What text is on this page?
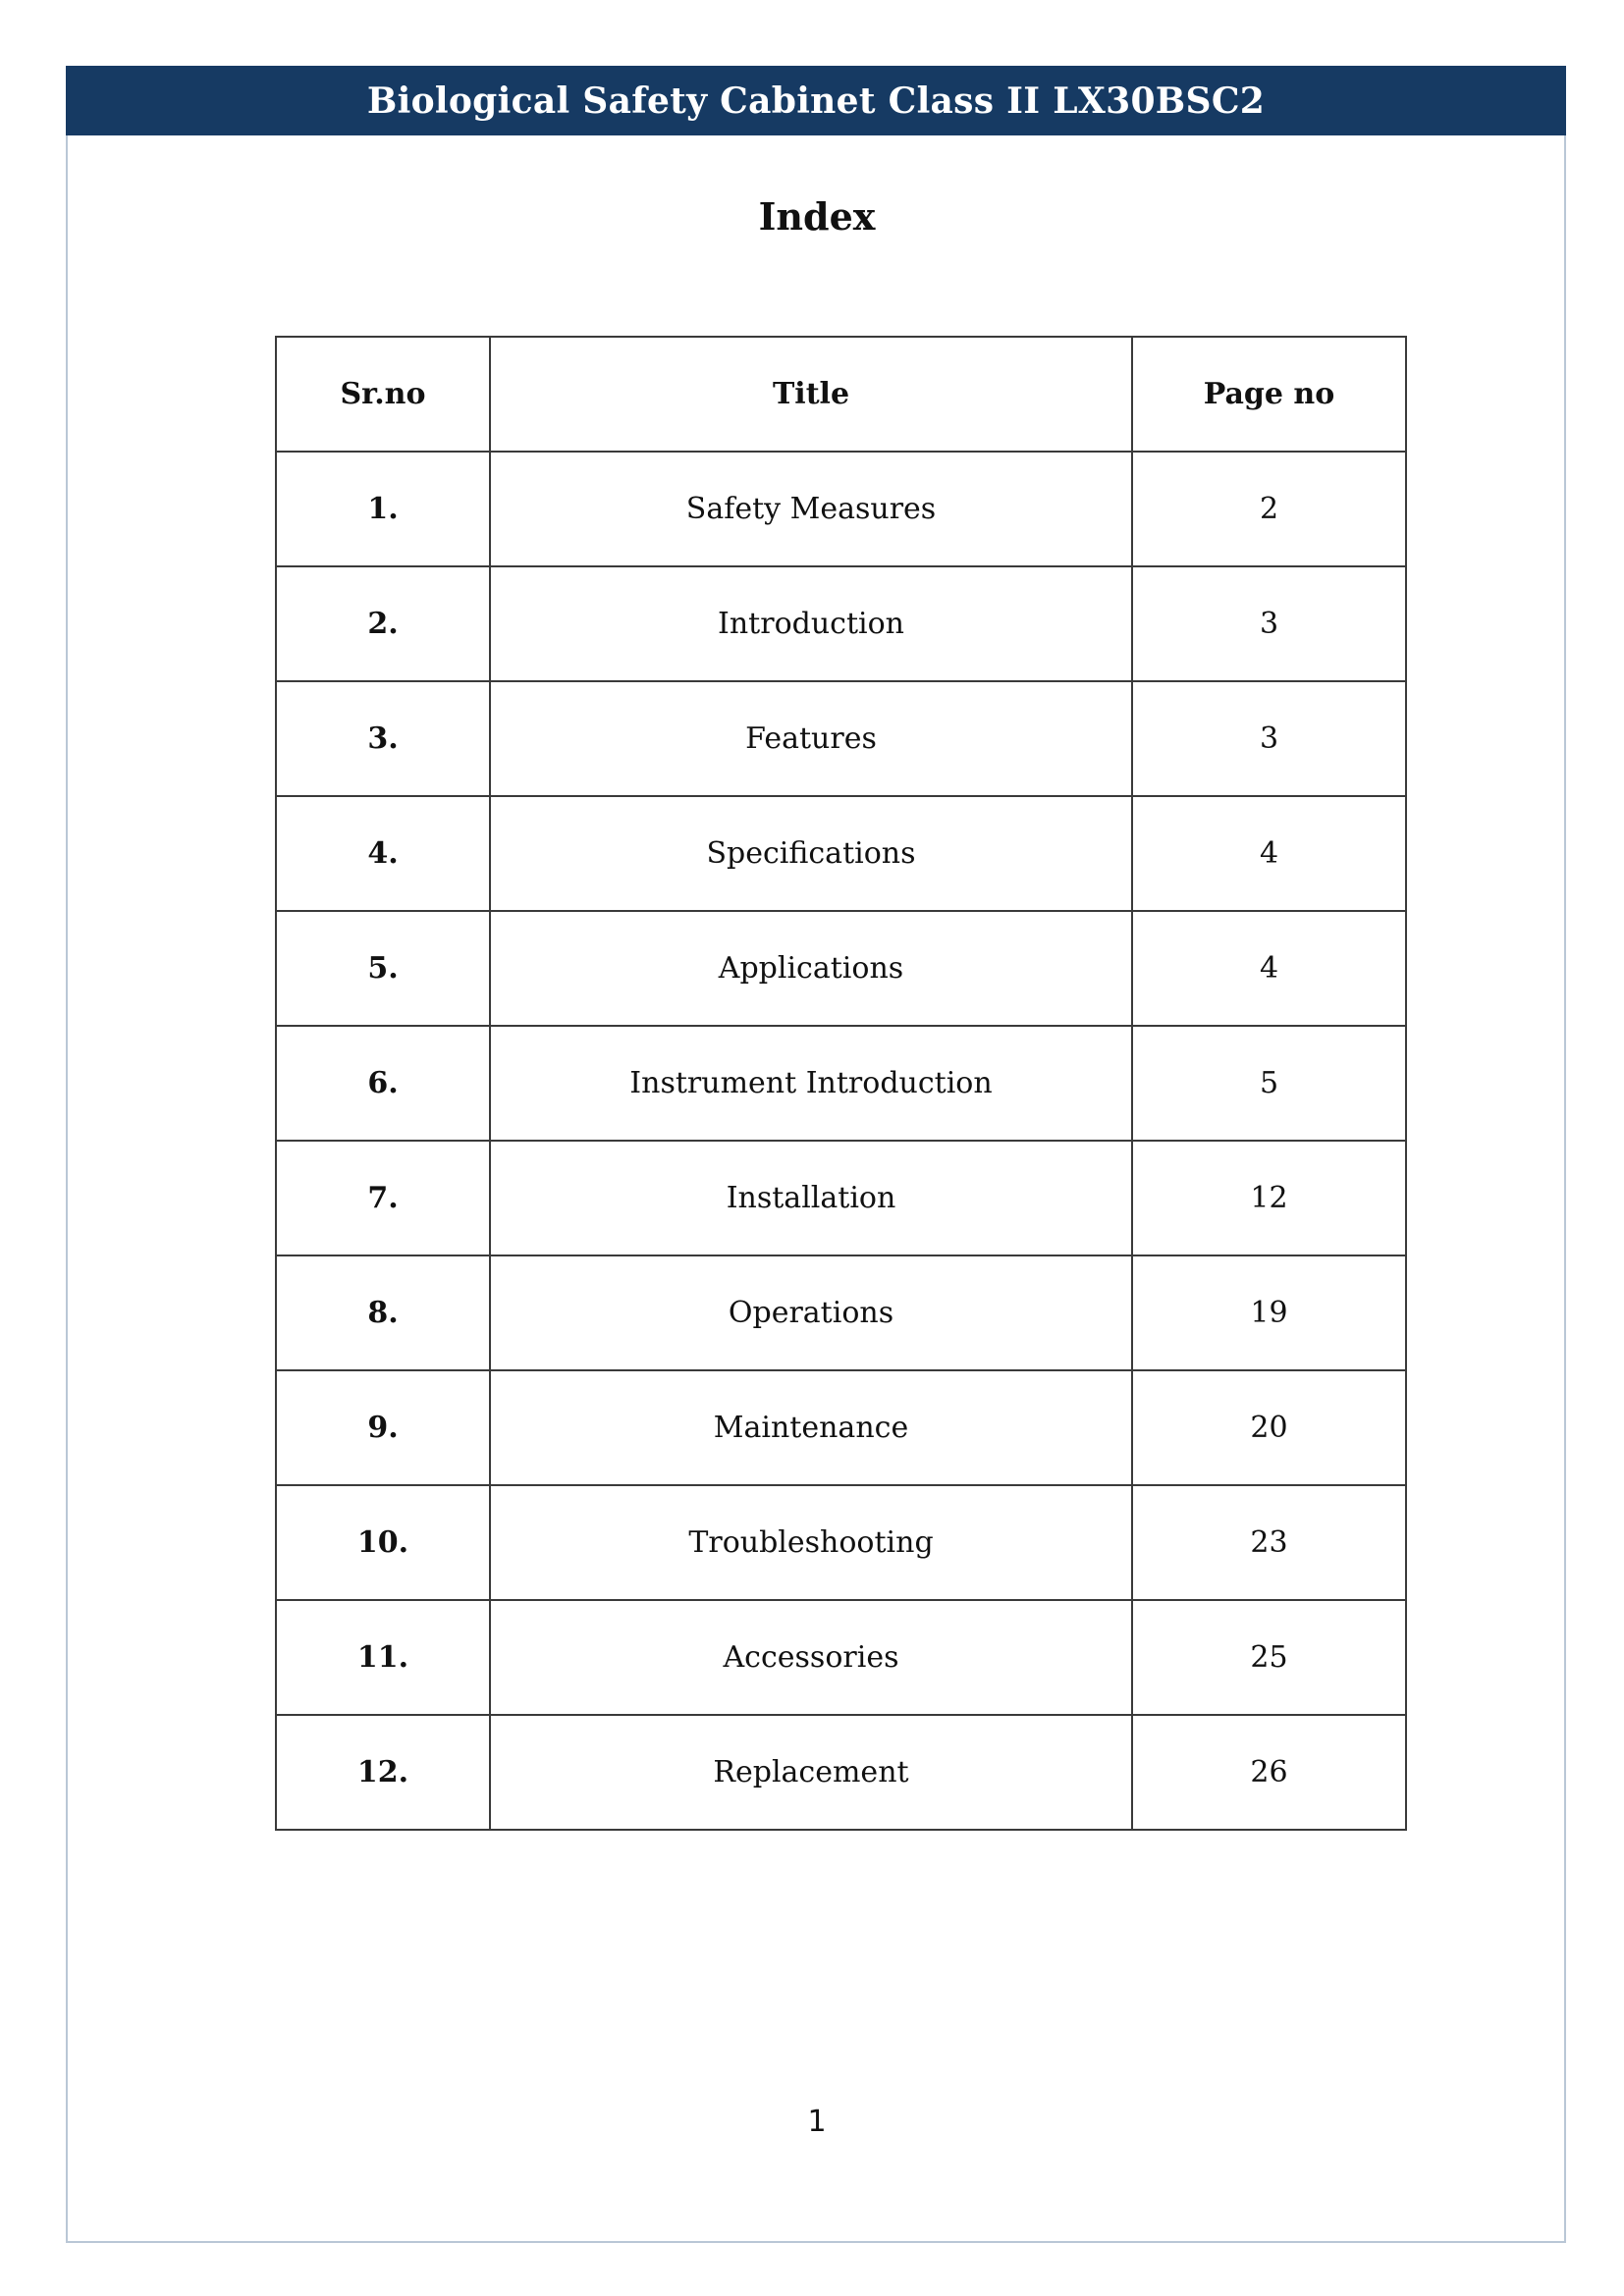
Biological Safety Cabinet Class II LX30BSC2
Index
Sr.no	Title	Page no
1.	Safety Measures	2
2.	Introduction	3
3.	Features	3
4.	Specifications	4
5.	Applications	4
6.	Instrument Introduction	5
7.	Installation	12
8.	Operations	19
9.	Maintenance	20
10.	Troubleshooting	23
11.	Accessories	25
12.	Replacement	26
1
